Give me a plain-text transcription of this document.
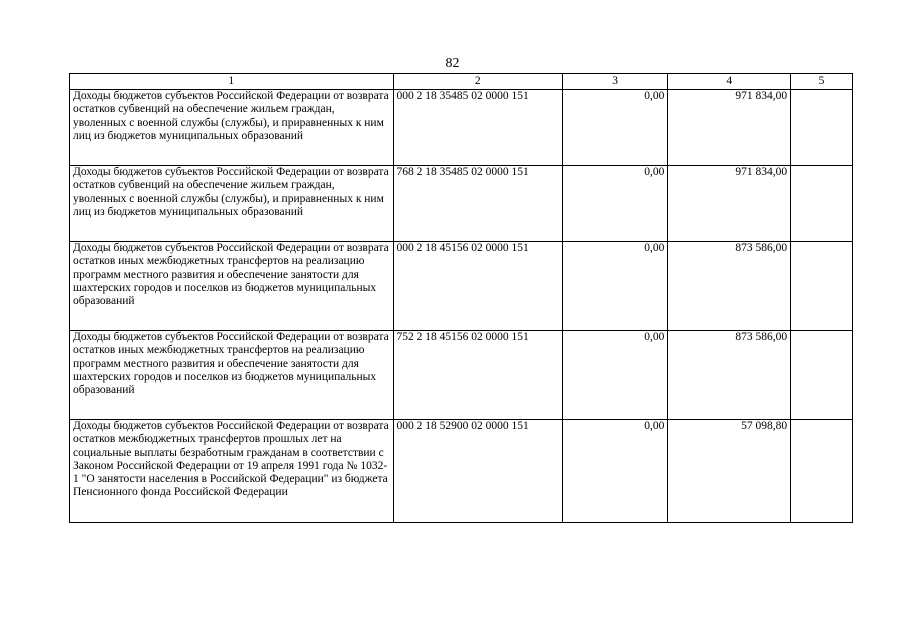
82
1	2	3	4	5
Доходы бюджетов субъектов Российской Федерации от возврата остатков субвенций на обеспечение жильем граждан, уволенных с военной службы (службы), и приравненных к ним лиц из бюджетов муниципальных образований	000 2 18 35485 02 0000 151	0,00	971 834,00	
Доходы бюджетов субъектов Российской Федерации от возврата остатков субвенций на обеспечение жильем граждан, уволенных с военной службы (службы), и приравненных к ним лиц из бюджетов муниципальных образований	768 2 18 35485 02 0000 151	0,00	971 834,00	
Доходы бюджетов субъектов Российской Федерации от возврата остатков иных межбюджетных трансфертов на реализацию программ местного развития и обеспечение занятости для шахтерских городов и поселков из бюджетов муниципальных образований	000 2 18 45156 02 0000 151	0,00	873 586,00	
Доходы бюджетов субъектов Российской Федерации от возврата остатков иных межбюджетных трансфертов на реализацию программ местного развития и обеспечение занятости для шахтерских городов и поселков из бюджетов муниципальных образований	752 2 18 45156 02 0000 151	0,00	873 586,00	
Доходы бюджетов субъектов Российской Федерации от возврата остатков межбюджетных трансфертов прошлых лет на социальные выплаты безработным гражданам в соответствии с Законом Российской Федерации от 19 апреля 1991 года № 1032-1 "О занятости населения в Российской Федерации" из бюджета Пенсионного фонда Российской Федерации	000 2 18 52900 02 0000 151	0,00	57 098,80	
